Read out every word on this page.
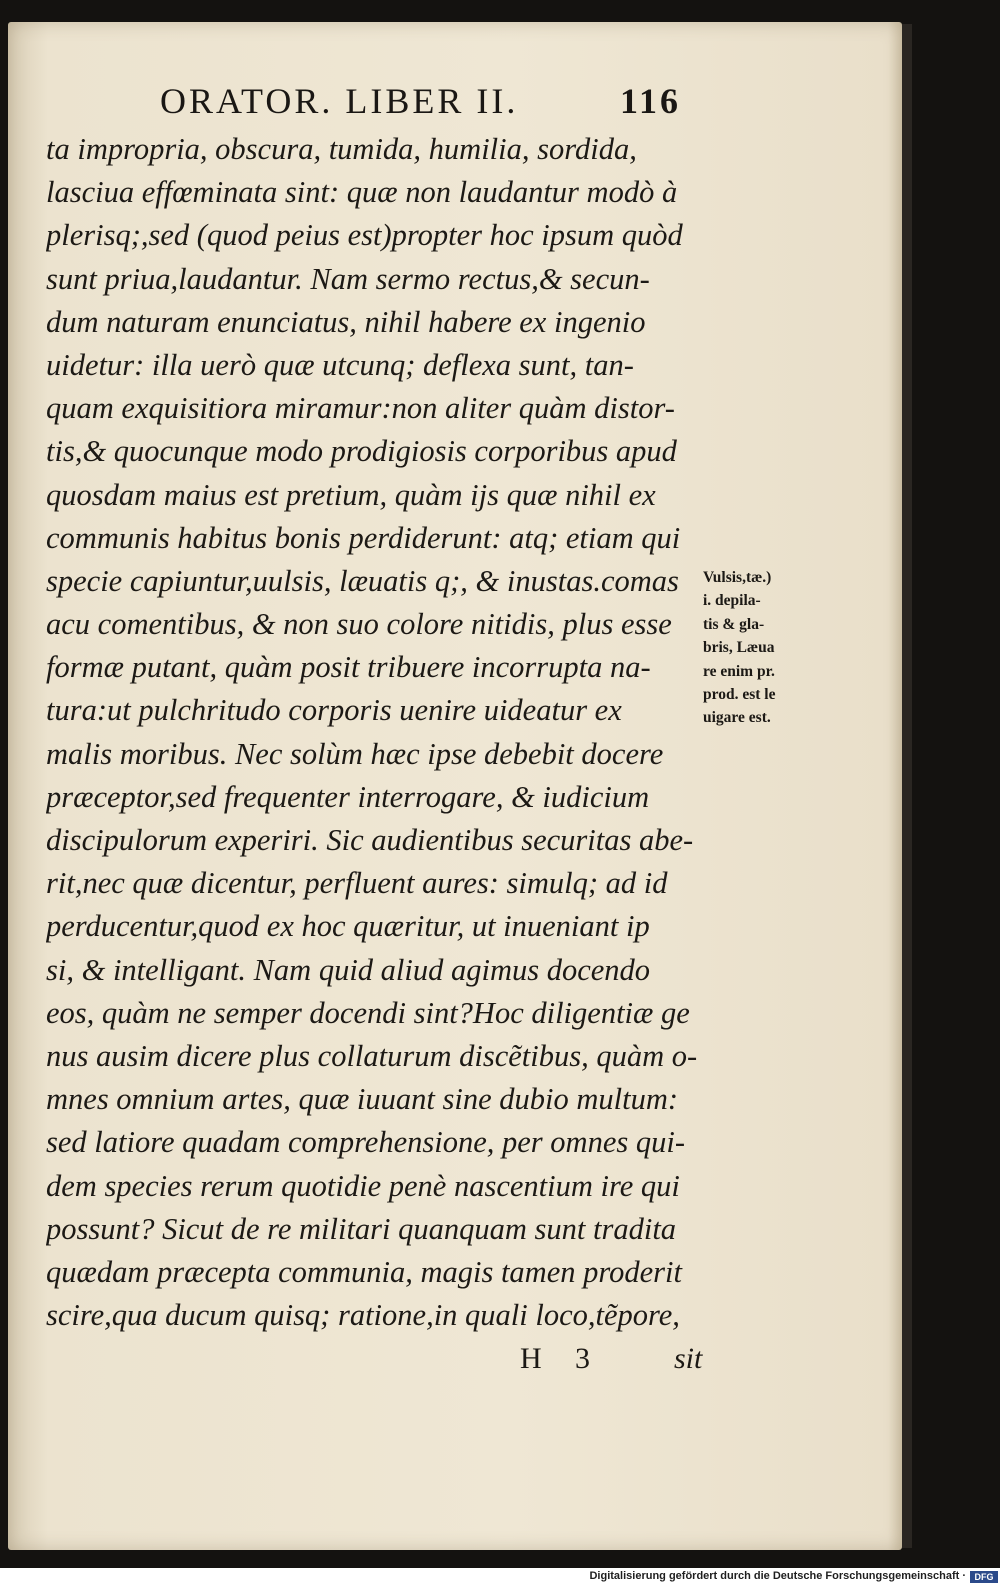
ORATOR. LIBER II.	116
ta impropria, obscura, tumida, humilia, sordida,
lasciua effœminata sint: quæ non laudantur modò à
plerisq;,sed (quod peius est)propter hoc ipsum quòd
sunt priua,laudantur. Nam sermo rectus,& secun-
dum naturam enunciatus, nihil habere ex ingenio
uidetur: illa uerò quæ utcunq; deflexa sunt, tan-
quam exquisitiora miramur:non aliter quàm distor-
tis,& quocunque modo prodigiosis corporibus apud
quosdam maius est pretium, quàm ijs quæ nihil ex
communis habitus bonis perdiderunt: atq; etiam qui
specie capiuntur,uulsis, læuatis q;, & inustas.comas
acu comentibus, & non suo colore nitidis, plus esse
formæ putant, quàm posit tribuere incorrupta na-
tura:ut pulchritudo corporis uenire uideatur ex
malis moribus. Nec solùm hæc ipse debebit docere
præceptor,sed frequenter interrogare, & iudicium
discipulorum experiri. Sic audientibus securitas abe-
rit,nec quæ dicentur, perfluent aures: simulq; ad id
perducentur,quod ex hoc quæritur, ut inueniant ip
si, & intelligant. Nam quid aliud agimus docendo
eos, quàm ne semper docendi sint?Hoc diligentiæ ge
nus ausim dicere plus collaturum discẽtibus, quàm o-
mnes omnium artes, quæ iuuant sine dubio multum:
sed latiore quadam comprehensione, per omnes qui-
dem species rerum quotidie penè nascentium ire qui
possunt? Sicut de re militari quanquam sunt tradita
quædam præcepta communia, magis tamen proderit
scire,qua ducum quisq; ratione,in quali loco,tẽpore,
Vulsis,tæ.)
i. depila-
tis & gla-
bris, Læua
re enim pr.
prod. est le
uigare est.
H 3	sit
Digitalisierung gefördert durch die Deutsche Forschungsgemeinschaft · DFG
